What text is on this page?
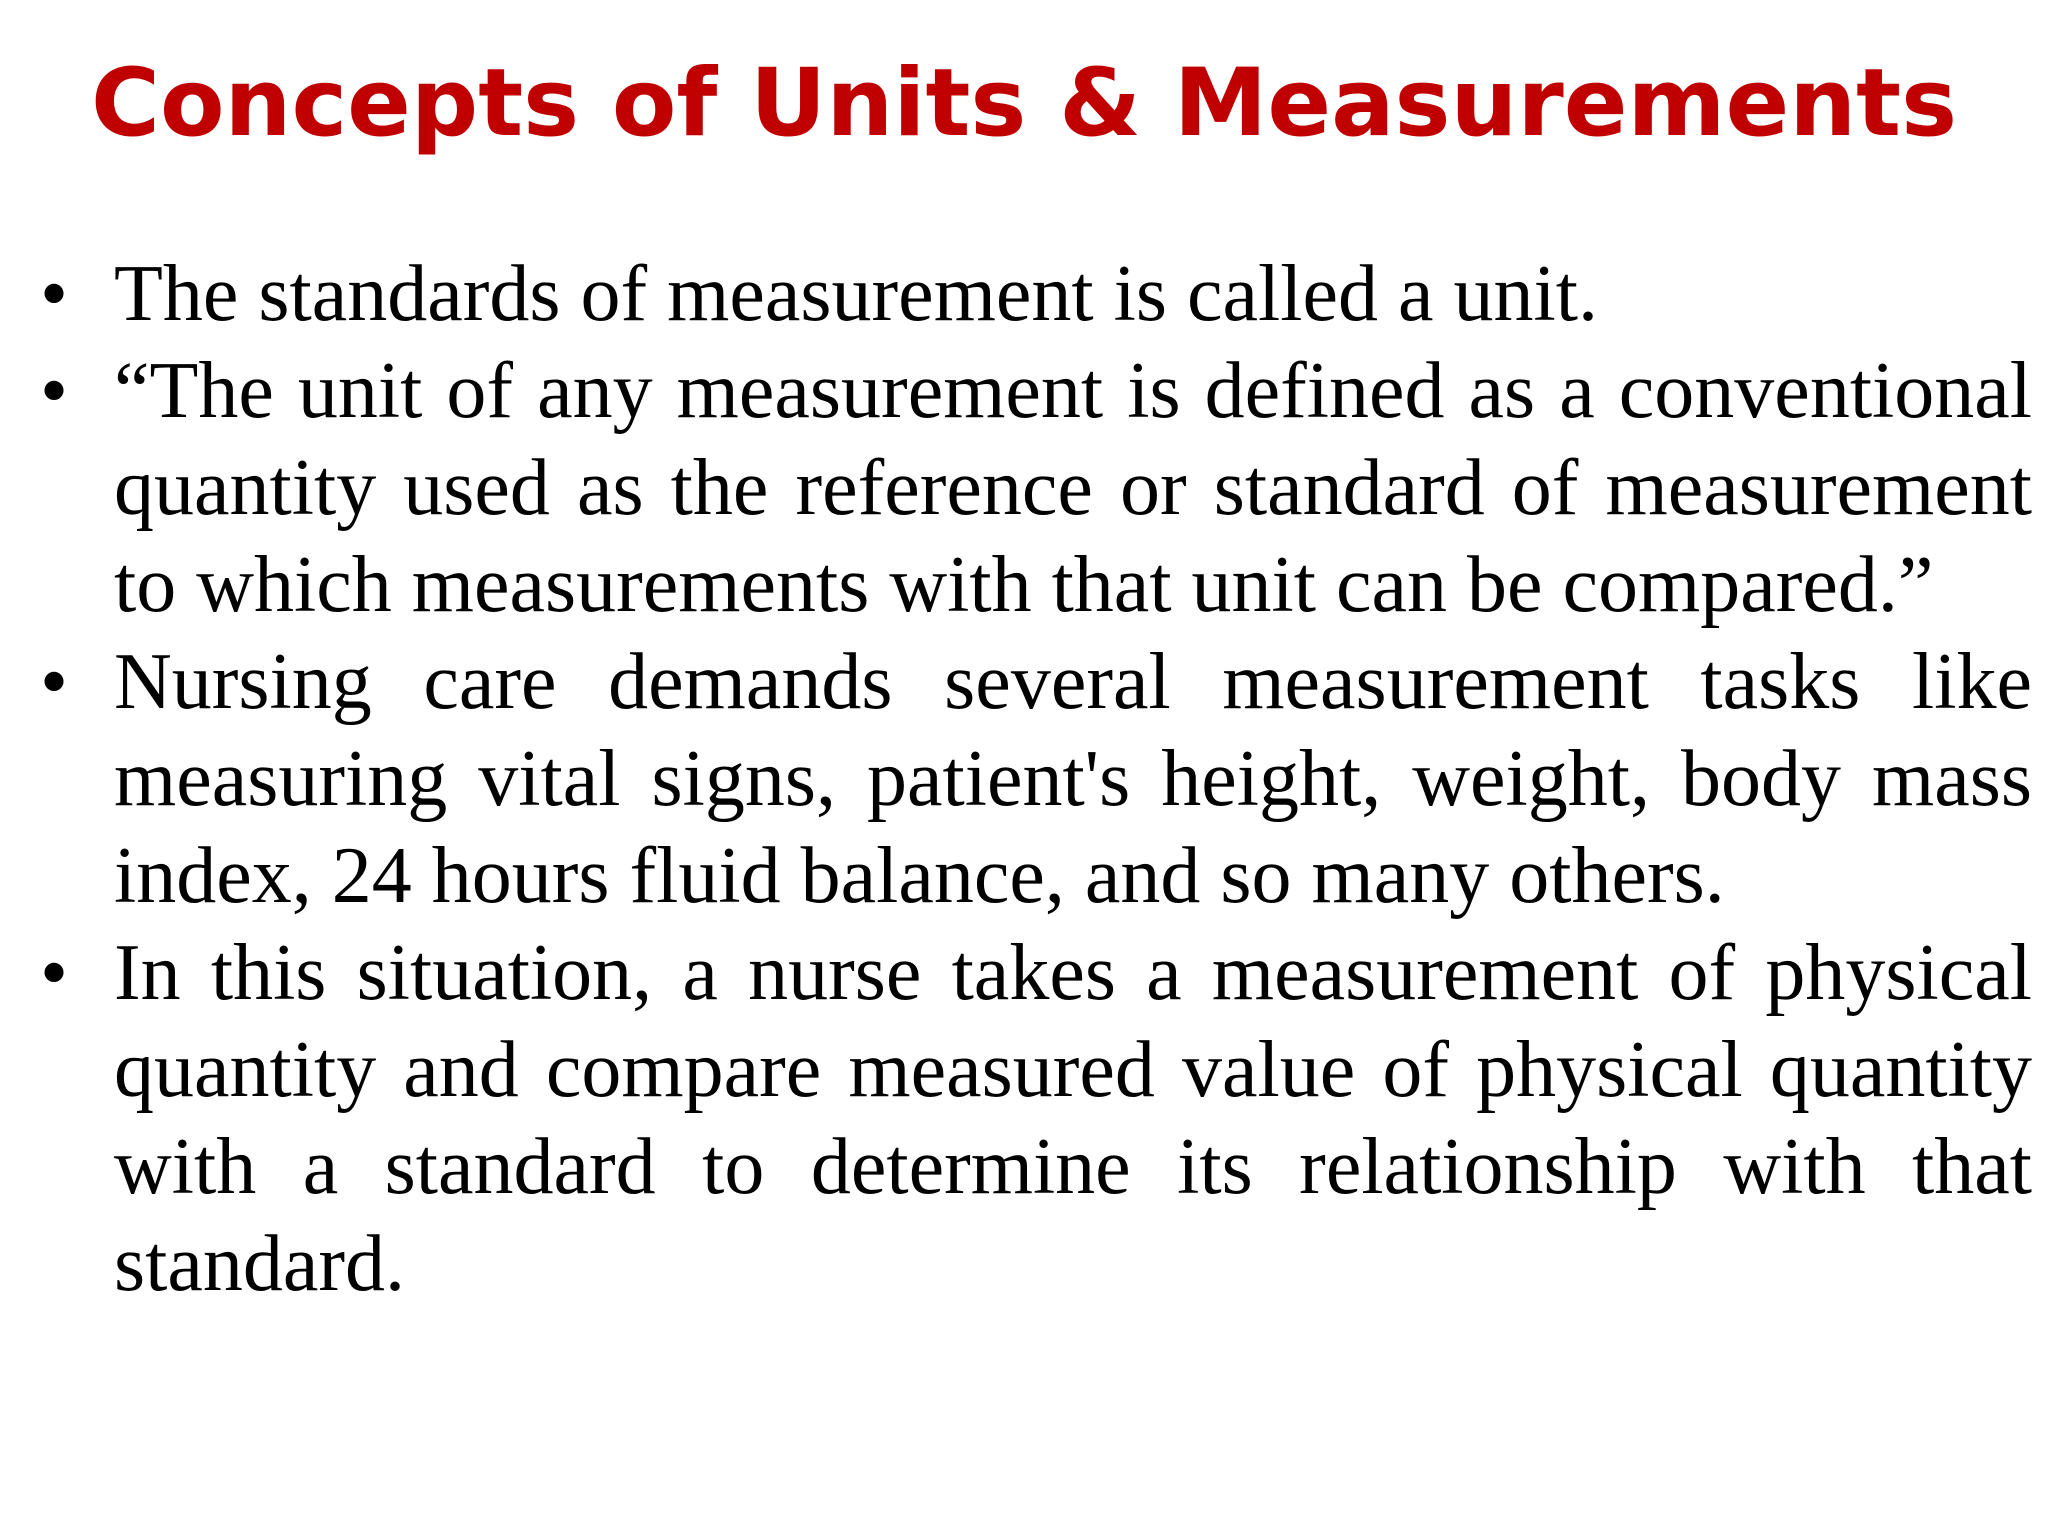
Concepts of Units & Measurements
• The standards of measurement is called a unit.
• “The unit of any measurement is defined as a conventional quantity used as the reference or standard of measurement to which measurements with that unit can be compared.”
• Nursing care demands several measurement tasks like measuring vital signs, patient's height, weight, body mass index, 24 hours fluid balance, and so many others.
• In this situation, a nurse takes a measurement of physical quantity and compare measured value of physical quantity with a standard to determine its relationship with that standard.
